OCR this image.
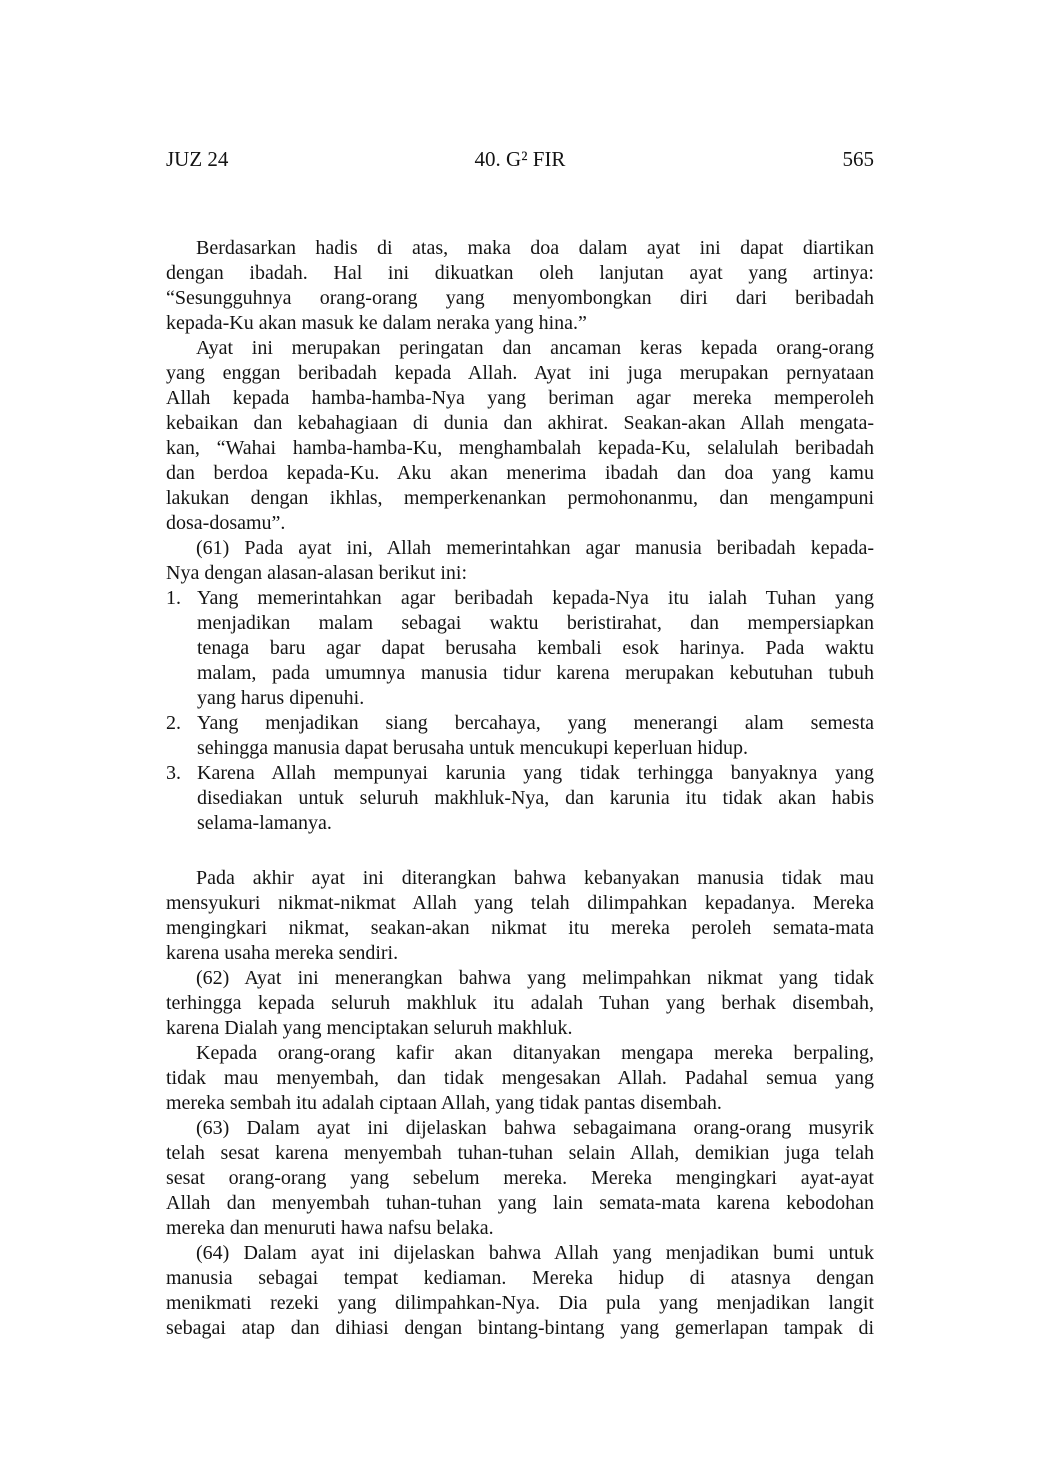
JUZ 24	40. G² FIR	565
Berdasarkan hadis di atas, maka doa dalam ayat ini dapat diartikan
dengan ibadah. Hal ini dikuatkan oleh lanjutan ayat yang artinya:
“Sesungguhnya orang-orang yang menyombongkan diri dari beribadah
kepada-Ku akan masuk ke dalam neraka yang hina.”
Ayat ini merupakan peringatan dan ancaman keras kepada orang-orang
yang enggan beribadah kepada Allah. Ayat ini juga merupakan pernyataan
Allah kepada hamba-hamba-Nya yang beriman agar mereka memperoleh
kebaikan dan kebahagiaan di dunia dan akhirat. Seakan-akan Allah mengata-
kan, “Wahai hamba-hamba-Ku, menghambalah kepada-Ku, selalulah beribadah
dan berdoa kepada-Ku. Aku akan menerima ibadah dan doa yang kamu
lakukan dengan ikhlas, memperkenankan permohonanmu, dan mengampuni
dosa-dosamu”.
(61) Pada ayat ini, Allah memerintahkan agar manusia beribadah kepada-
Nya dengan alasan-alasan berikut ini:
1. Yang memerintahkan agar beribadah kepada-Nya itu ialah Tuhan yang
menjadikan malam sebagai waktu beristirahat, dan mempersiapkan
tenaga baru agar dapat berusaha kembali esok harinya. Pada waktu
malam, pada umumnya manusia tidur karena merupakan kebutuhan tubuh
yang harus dipenuhi.
2. Yang menjadikan siang bercahaya, yang menerangi alam semesta
sehingga manusia dapat berusaha untuk mencukupi keperluan hidup.
3. Karena Allah mempunyai karunia yang tidak terhingga banyaknya yang
disediakan untuk seluruh makhluk-Nya, dan karunia itu tidak akan habis
selama-lamanya.
Pada akhir ayat ini diterangkan bahwa kebanyakan manusia tidak mau
mensyukuri nikmat-nikmat Allah yang telah dilimpahkan kepadanya. Mereka
mengingkari nikmat, seakan-akan nikmat itu mereka peroleh semata-mata
karena usaha mereka sendiri.
(62) Ayat ini menerangkan bahwa yang melimpahkan nikmat yang tidak
terhingga kepada seluruh makhluk itu adalah Tuhan yang berhak disembah,
karena Dialah yang menciptakan seluruh makhluk.
Kepada orang-orang kafir akan ditanyakan mengapa mereka berpaling,
tidak mau menyembah, dan tidak mengesakan Allah. Padahal semua yang
mereka sembah itu adalah ciptaan Allah, yang tidak pantas disembah.
(63) Dalam ayat ini dijelaskan bahwa sebagaimana orang-orang musyrik
telah sesat karena menyembah tuhan-tuhan selain Allah, demikian juga telah
sesat orang-orang yang sebelum mereka. Mereka mengingkari ayat-ayat
Allah dan menyembah tuhan-tuhan yang lain semata-mata karena kebodohan
mereka dan menuruti hawa nafsu belaka.
(64) Dalam ayat ini dijelaskan bahwa Allah yang menjadikan bumi untuk
manusia sebagai tempat kediaman. Mereka hidup di atasnya dengan
menikmati rezeki yang dilimpahkan-Nya. Dia pula yang menjadikan langit
sebagai atap dan dihiasi dengan bintang-bintang yang gemerlapan tampak di
